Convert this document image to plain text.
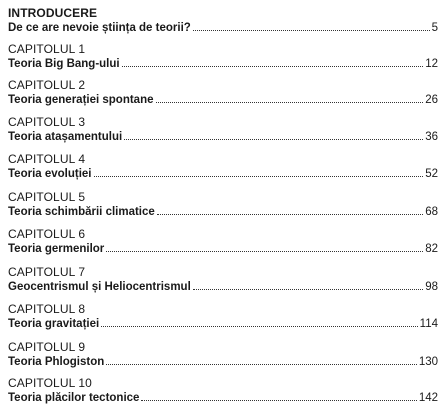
INTRODUCERE
De ce are nevoie știința de teorii?	5
CAPITOLUL 1
Teoria Big Bang-ului	12
CAPITOLUL 2
Teoria generației spontane	26
CAPITOLUL 3
Teoria atașamentului	36
CAPITOLUL 4
Teoria evoluției	52
CAPITOLUL 5
Teoria schimbării climatice	68
CAPITOLUL 6
Teoria germenilor	82
CAPITOLUL 7
Geocentrismul și Heliocentrismul	98
CAPITOLUL 8
Teoria gravitației	114
CAPITOLUL 9
Teoria Phlogiston	130
CAPITOLUL 10
Teoria plăcilor tectonice	142
